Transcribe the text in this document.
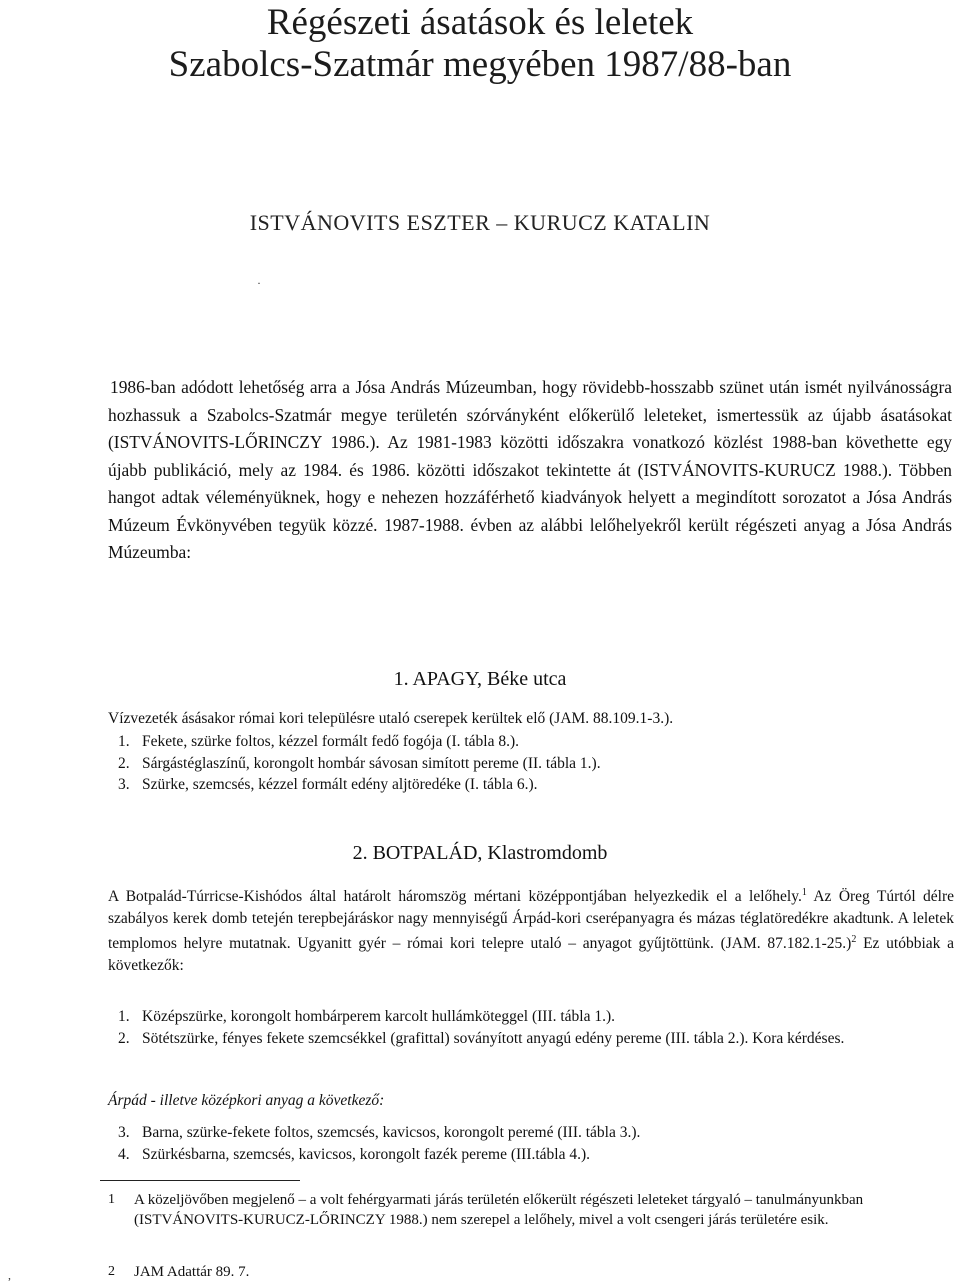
Régészeti ásatások és leletek
Szabolcs-Szatmár megyében 1987/88-ban
ISTVÁNOVITS ESZTER – KURUCZ KATALIN
·

1986-ban adódott lehetőség arra a Jósa András Múzeumban, hogy rövidebb-hosszabb szünet után ismét nyilvánosságra hozhassuk a Szabolcs-Szatmár megye területén szórványként előkerülő leleteket, ismertessük az újabb ásatásokat (ISTVÁNOVITS-LŐRINCZY 1986.). Az 1981-1983 közötti időszakra vonatkozó közlést 1988-ban követhette egy újabb publikáció, mely az 1984. és 1986. közötti időszakot tekintette át (ISTVÁNOVITS-KURUCZ 1988.). Többen hangot adtak véleményüknek, hogy e nehezen hozzáférhető kiadványok helyett a megindított sorozatot a Jósa András Múzeum Évkönyvében tegyük közzé. 1987-1988. évben az alábbi lelőhelyekről került régészeti anyag a Jósa András Múzeumba:

1. APAGY, Béke utca

Vízvezeték ásásakor római kori településre utaló cserepek kerültek elő (JAM. 88.109.1-3.).

1. Fekete, szürke foltos, kézzel formált fedő fogója (I. tábla 8.).
2. Sárgástéglaszínű, korongolt hombár sávosan simított pereme (II. tábla 1.).
3. Szürke, szemcsés, kézzel formált edény aljtöredéke (I. tábla 6.).
2. BOTPALÁD, Klastromdomb

A Botpalád-Túrricse-Kishódos által határolt háromszög mértani középpontjában helyezkedik el a lelőhely.$^1$ Az Öreg Túrtól délre szabályos kerek domb tetején terepbejáráskor nagy mennyiségű Árpád-kori cserépanyagra és mázas téglatöredékre akadtunk. A leletek templomos helyre mutatnak. Ugyanitt gyér – római kori telepre utaló – anyagot gyűjtöttünk. (JAM. 87.182.1-25.)$^2$ Ez utóbbiak a következők:

1. Középszürke, korongolt hombárperem karcolt hullámköteggel (III. tábla 1.).
2. Sötétszürke, fényes fekete szemcsékkel (grafittal) soványított anyagú edény pereme (III. tábla 2.). Kora kérdéses.

Árpád - illetve középkori anyag a következő:

3. Barna, szürke-fekete foltos, szemcsés, kavicsos, korongolt peremé (III. tábla 3.).
4. Szürkésbarna, szemcsés, kavicsos, korongolt fazék pereme (III.tábla 4.).
1	A közeljövőben megjelenő – a volt fehérgyarmati járás területén előkerült régészeti leleteket tárgyaló – tanulmányunkban (ISTVÁNOVITS-KURUCZ-LŐRINCZY 1988.) nem szerepel a lelőhely, mivel a volt csengeri járás területére esik.
2	JAM Adattár 89. 7.
,
